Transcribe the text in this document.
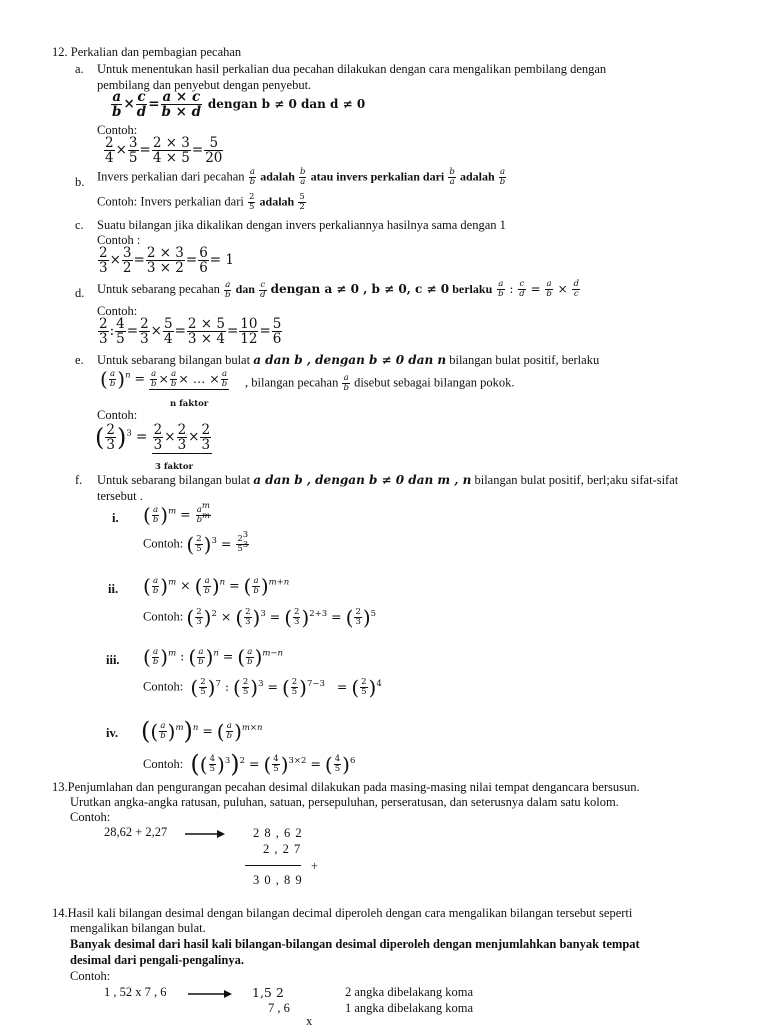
12. Perkalian dan pembagian pecahan
a. Untuk menentukan hasil perkalian dua pecahan dilakukan dengan cara mengalikan pembilang dengan
pembilang dan penyebut dengan penyebut.
$\frac{a}{b} \times \frac{c}{d} = \frac{a \times c}{b \times d}$ dengan b ≠ 0 dan d ≠ 0
Contoh:
$\frac{2}{4} \times \frac{3}{5} = \frac{2 \times 3}{4 \times 5} = \frac{5}{20}$
b. Invers perkalian dari pecahan $\frac{a}{b}$ adalah $\frac{b}{a}$ atau invers perkalian dari $\frac{b}{a}$ adalah $\frac{a}{b}$
Contoh: Invers perkalian dari $\frac{2}{5}$ adalah $\frac{5}{2}$
c. Suatu bilangan jika dikalikan dengan invers perkaliannya hasilnya sama dengan 1
Contoh :
$\frac{2}{3} \times \frac{3}{2} = \frac{2 \times 3}{3 \times 2} = \frac{6}{6} = 1$
d. Untuk sebarang pecahan $\frac{a}{b}$ dan $\frac{c}{d}$ dengan a ≠ 0 , b ≠ 0, c ≠ 0 berlaku $\frac{a}{b}$ : $\frac{c}{d} = \frac{a}{b} \times \frac{d}{c}$
Contoh:
$\frac{2}{3}$ : $\frac{4}{5} = \frac{2}{3} \times \frac{5}{4} = \frac{2 \times 5}{3 \times 4} = \frac{10}{12} = \frac{5}{6}$
e. Untuk sebarang bilangan bulat a dan b , dengan b ≠ 0 dan n bilangan bulat positif, berlaku
( $\frac{a}{b} )^n = \frac{a}{b} \times \frac{a}{b}$ × … × $\frac{a}{b}$
n faktor
, bilangan pecahan $\frac{a}{b}$ disebut sebagai bilangan pokok.
Contoh:
( $\frac{2}{3} )^3 = \frac{2}{3} \times \frac{2}{3} \times \frac{2}{3}$
3 faktor
f. Untuk sebarang bilangan bulat a dan b , dengan b ≠ 0 dan m , n bilangan bulat positif, berl;aku sifat-sifat
tersebut .
i. ( $\frac{a}{b} )^m = \frac{a^m}{b^m}$
Contoh: ( $\frac{2}{5} )^3 = \frac{2^3}{5^3}$
ii. ( $\frac{a}{b} )^m$ × ( $\frac{a}{b} )^n$ = ( $\frac{a}{b} )^{m+n}$
Contoh: ( $\frac{2}{3} )^2$ × ( $\frac{2}{3} )^3$ = ( $\frac{2}{3} )^{2+3}$ = ( $\frac{2}{3} )^5$
iii. ( $\frac{a}{b} )^m$ : ( $\frac{a}{b} )^n$ = ( $\frac{a}{b} )^{m-n}$
Contoh: ( $\frac{2}{5} )^7$ : ( $\frac{2}{5} )^3$ = ( $\frac{2}{5} )^{7-3}$   = ( $\frac{2}{5} )^4$
iv. (( $\frac{a}{b} )^m)^n$ = ( $\frac{a}{b} )^{m\times n}$
Contoh: (( $\frac{4}{5} )^3)^2$ = ( $\frac{4}{5} )^{3\times 2}$ = ( $\frac{4}{5} )^6$
13.Penjumlahan dan pengurangan pecahan desimal dilakukan pada masing-masing nilai tempat dengancara bersusun.
Urutkan angka-angka ratusan, puluhan, satuan, persepuluhan, perseratusan, dan seterusnya dalam satu kolom.
Contoh:
28,62 + 2,27	2 8 , 6 2
2 , 2 7
+
3 0 , 8 9
14.Hasil kali bilangan desimal dengan bilangan decimal diperoleh dengan cara mengalikan bilangan tersebut seperti
mengalikan bilangan bulat.
Banyak desimal dari hasil kali bilangan-bilangan desimal diperoleh dengan menjumlahkan banyak tempat
desimal dari pengali-pengalinya.
Contoh:
1 , 52 x 7 , 6	1,5 2
7 , 6
2 angka dibelakang koma
1 angka dibelakang koma
x
